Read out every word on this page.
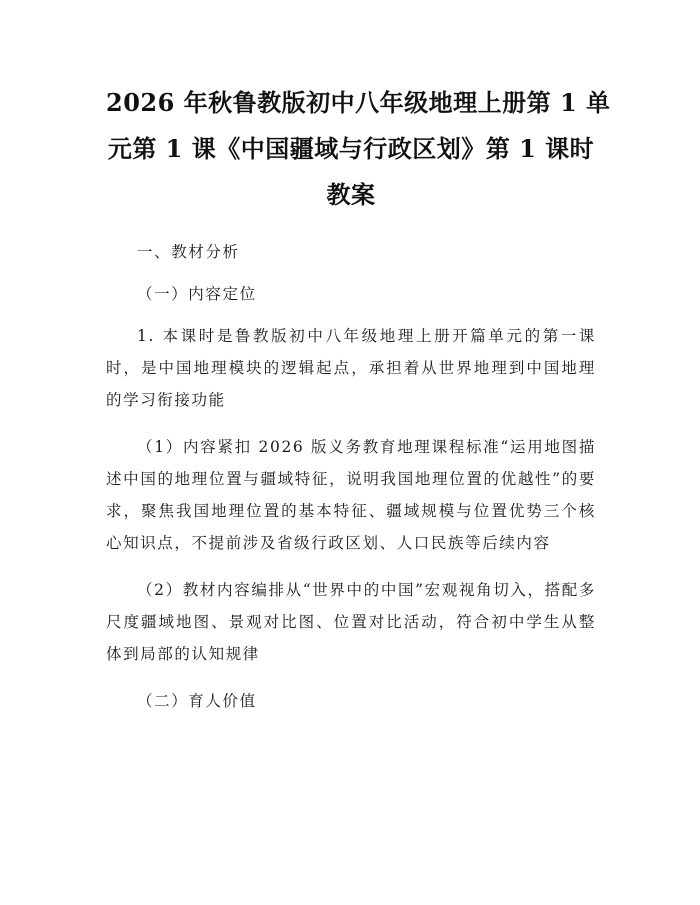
2026 年秋鲁教版初中八年级地理上册第 1 单
元第 1 课《中国疆域与行政区划》第 1 课时
教案

一、教材分析

（一）内容定位

1. 本课时是鲁教版初中八年级地理上册开篇单元的第一课时，是中国地理模块的逻辑起点，承担着从世界地理到中国地理的学习衔接功能

（1）内容紧扣 2026 版义务教育地理课程标准“运用地图描述中国的地理位置与疆域特征，说明我国地理位置的优越性”的要求，聚焦我国地理位置的基本特征、疆域规模与位置优势三个核心知识点，不提前涉及省级行政区划、人口民族等后续内容

（2）教材内容编排从“世界中的中国”宏观视角切入，搭配多尺度疆域地图、景观对比图、位置对比活动，符合初中学生从整体到局部的认知规律

（二）育人价值
